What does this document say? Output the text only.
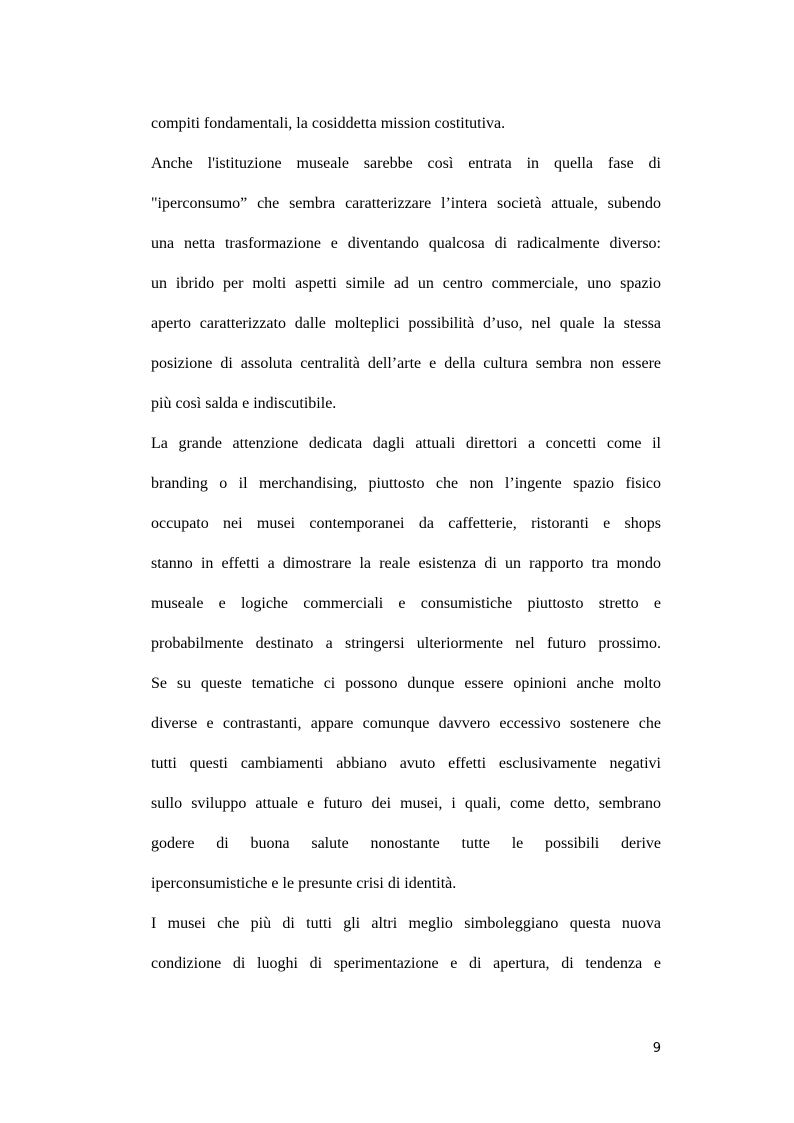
compiti fondamentali, la cosiddetta mission costitutiva.
Anche l'istituzione museale sarebbe così entrata in quella fase di
"iperconsumo” che sembra caratterizzare l’intera società attuale, subendo
una netta trasformazione e diventando qualcosa di radicalmente diverso:
un ibrido per molti aspetti simile ad un centro commerciale, uno spazio
aperto caratterizzato dalle molteplici possibilità d’uso, nel quale la stessa
posizione di assoluta centralità dell’arte e della cultura sembra non essere
più così salda e indiscutibile.
La grande attenzione dedicata dagli attuali direttori a concetti come il
branding o il merchandising, piuttosto che non l’ingente spazio fisico
occupato nei musei contemporanei da caffetterie, ristoranti e shops
stanno in effetti a dimostrare la reale esistenza di un rapporto tra mondo
museale e logiche commerciali e consumistiche piuttosto stretto e
probabilmente destinato a stringersi ulteriormente nel futuro prossimo.
Se su queste tematiche ci possono dunque essere opinioni anche molto
diverse e contrastanti, appare comunque davvero eccessivo sostenere che
tutti questi cambiamenti abbiano avuto effetti esclusivamente negativi
sullo sviluppo attuale e futuro dei musei, i quali, come detto, sembrano
godere di buona salute nonostante tutte le possibili derive
iperconsumistiche e le presunte crisi di identità.
I musei che più di tutti gli altri meglio simboleggiano questa nuova
condizione di luoghi di sperimentazione e di apertura, di tendenza e
9
